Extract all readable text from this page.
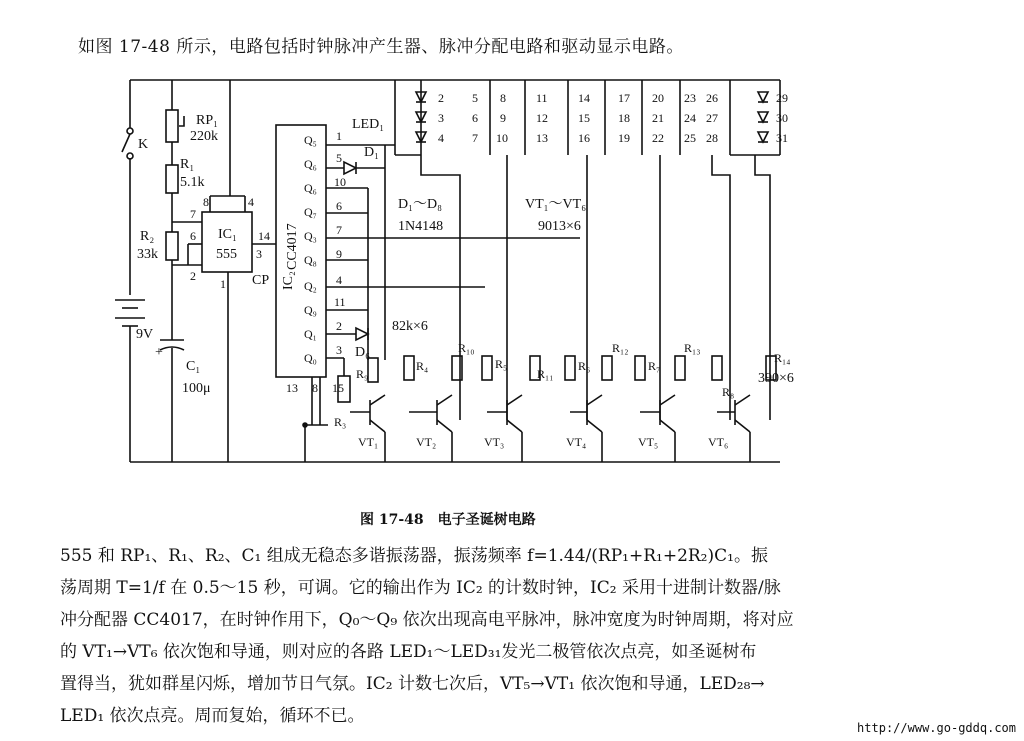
如图 17-48 所示，电路包括时钟脉冲产生器、脉冲分配电路和驱动显示电路。
K
RP₁
220k
R₁
5.1k
R₂
33k
9V
+
C₁
100μ
IC₁
555
8	4
7
6
2
3
1
14
CP IC₂
CC4017
Q₅
Q₆
Q₆
Q₇
Q₃
Q₈
Q₂
Q₉
Q₁
Q₀
1
5
10
6
7
9
4
11
2
3
13 8 15
LED₁
D₁
D₆
D₁～D₈
1N4148
VT₁～VT₆
9013×6
82k×6
390×6
R₉
R₄
R₁₀
R₅
R₁₁
R₆
R₁₂
R₇
R₁₃
R₈
R₁₄
R₃
VT₁	VT₂	VT₃	VT₄	VT₅	VT₆
2
3
4
5
6
7
8
9
10
11
12
13
14
15
16
17
18
19
20
21
22
23
24
25
26
27
28
29
30
31
图 17-48　电子圣诞树电路

555 和 RP₁、R₁、R₂、C₁ 组成无稳态多谐振荡器，振荡频率 f=1.44/(RP₁+R₁+2R₂)C₁。振

荡周期 T=1/f 在 0.5～15 秒，可调。它的输出作为 IC₂ 的计数时钟，IC₂ 采用十进制计数器/脉

冲分配器 CC4017，在时钟作用下，Q₀～Q₉ 依次出现高电平脉冲，脉冲宽度为时钟周期，将对应

的 VT₁→VT₆ 依次饱和导通，则对应的各路 LED₁～LED₃₁发光二极管依次点亮，如圣诞树布

置得当，犹如群星闪烁，增加节日气氛。IC₂ 计数七次后，VT₅→VT₁ 依次饱和导通，LED₂₈→

LED₁ 依次点亮。周而复始，循环不已。

http://www.go-gddq.com
